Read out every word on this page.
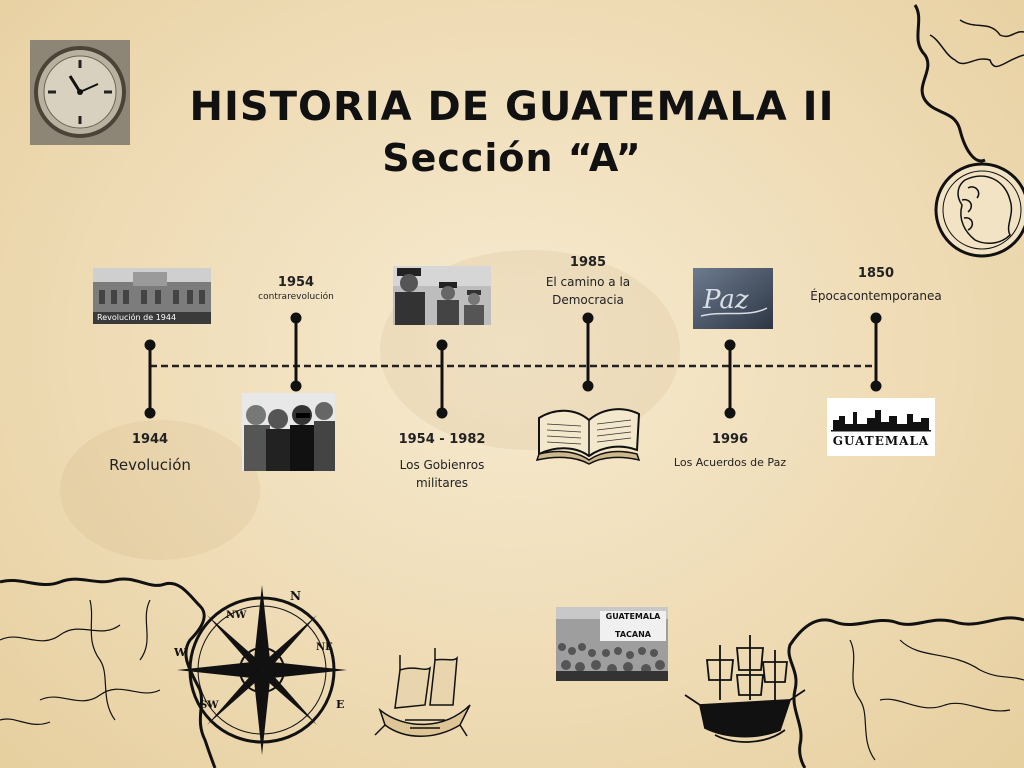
N
E
W
SW
NW
NE
HISTORIA DE GUATEMALA II
Sección “A”
Revolución de 1944
Paz
GUATEMALA
GUATEMALA
TACANA
1944
Revolución
1954
contrarevolución
1954 - 1982
Los Gobienros militares
1985
El camino a la Democracia
1996
Los Acuerdos de Paz
1850
Épocacontemporanea
